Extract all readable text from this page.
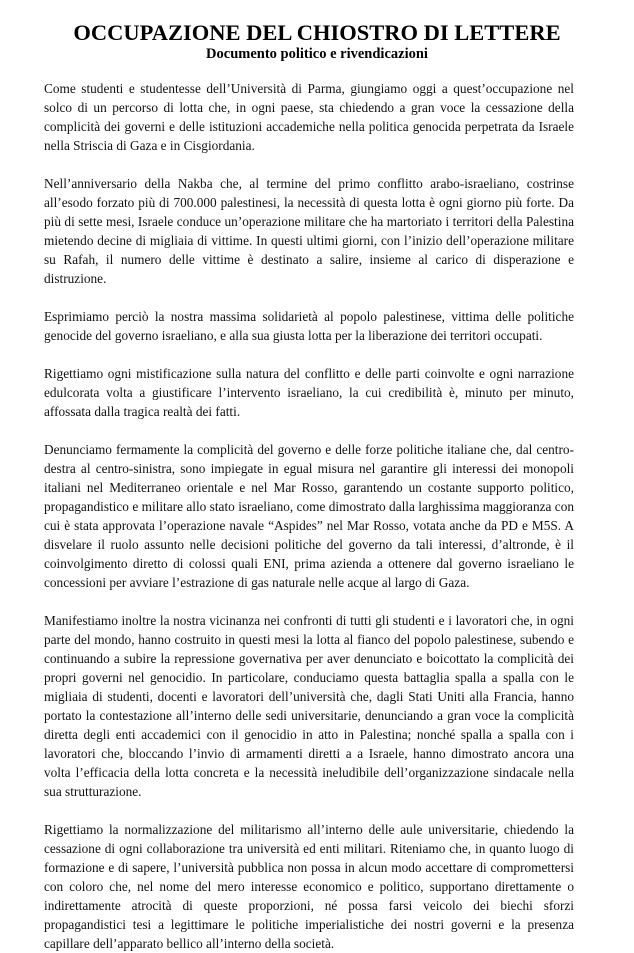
OCCUPAZIONE DEL CHIOSTRO DI LETTERE
Documento politico e rivendicazioni

Come studenti e studentesse dell’Università di Parma, giungiamo oggi a quest’occupazione nel solco di un percorso di lotta che, in ogni paese, sta chiedendo a gran voce la cessazione della complicità dei governi e delle istituzioni accademiche nella politica genocida perpetrata da Israele nella Striscia di Gaza e in Cisgiordania.

Nell’anniversario della Nakba che, al termine del primo conflitto arabo-israeliano, costrinse all’esodo forzato più di 700.000 palestinesi, la necessità di questa lotta è ogni giorno più forte. Da più di sette mesi, Israele conduce un’operazione militare che ha martoriato i territori della Palestina mietendo decine di migliaia di vittime. In questi ultimi giorni, con l’inizio dell’operazione militare su Rafah, il numero delle vittime è destinato a salire, insieme al carico di disperazione e distruzione.

Esprimiamo perciò la nostra massima solidarietà al popolo palestinese, vittima delle politiche genocide del governo israeliano, e alla sua giusta lotta per la liberazione dei territori occupati.

Rigettiamo ogni mistificazione sulla natura del conflitto e delle parti coinvolte e ogni narrazione edulcorata volta a giustificare l’intervento israeliano, la cui credibilità è, minuto per minuto, affossata dalla tragica realtà dei fatti.

Denunciamo fermamente la complicità del governo e delle forze politiche italiane che, dal centro-destra al centro-sinistra, sono impiegate in egual misura nel garantire gli interessi dei monopoli italiani nel Mediterraneo orientale e nel Mar Rosso, garantendo un costante supporto politico, propagandistico e militare allo stato israeliano, come dimostrato dalla larghissima maggioranza con cui è stata approvata l’operazione navale “Aspides” nel Mar Rosso, votata anche da PD e M5S. A disvelare il ruolo assunto nelle decisioni politiche del governo da tali interessi, d’altronde, è il coinvolgimento diretto di colossi quali ENI, prima azienda a ottenere dal governo israeliano le concessioni per avviare l’estrazione di gas naturale nelle acque al largo di Gaza.

Manifestiamo inoltre la nostra vicinanza nei confronti di tutti gli studenti e i lavoratori che, in ogni parte del mondo, hanno costruito in questi mesi la lotta al fianco del popolo palestinese, subendo e continuando a subire la repressione governativa per aver denunciato e boicottato la complicità dei propri governi nel genocidio. In particolare, conduciamo questa battaglia spalla a spalla con le migliaia di studenti, docenti e lavoratori dell’università che, dagli Stati Uniti alla Francia, hanno portato la contestazione all’interno delle sedi universitarie, denunciando a gran voce la complicità diretta degli enti accademici con il genocidio in atto in Palestina; nonché spalla a spalla con i lavoratori che, bloccando l’invio di armamenti diretti a a Israele, hanno dimostrato ancora una volta l’efficacia della lotta concreta e la necessità ineludibile dell’organizzazione sindacale nella sua strutturazione.

Rigettiamo la normalizzazione del militarismo all’interno delle aule universitarie, chiedendo la cessazione di ogni collaborazione tra università ed enti militari. Riteniamo che, in quanto luogo di formazione e di sapere, l’università pubblica non possa in alcun modo accettare di compromettersi con coloro che, nel nome del mero interesse economico e politico, supportano direttamente o indirettamente atrocità di queste proporzioni, né possa farsi veicolo dei biechi sforzi propagandistici tesi a legittimare le politiche imperialistiche dei nostri governi e la presenza capillare dell’apparato bellico all’interno della società.
